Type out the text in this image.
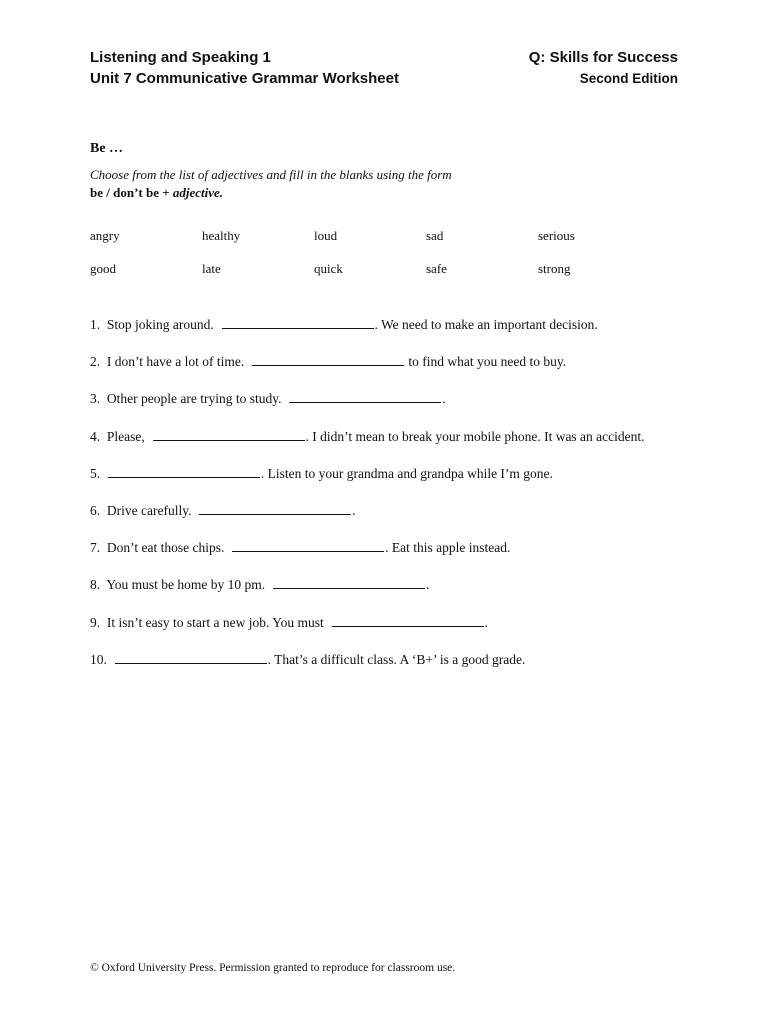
Listening and Speaking 1
Unit 7 Communicative Grammar Worksheet
Q: Skills for Success
Second Edition
Be …
Choose from the list of adjectives and fill in the blanks using the form
be / don’t be + adjective.
angry	healthy	loud	sad	serious
good	late	quick	safe	strong
1. Stop joking around.	. We need to make an important decision.
2. I don’t have a lot of time.	to find what you need to buy.
3. Other people are trying to study.	.
4. Please,	. I didn’t mean to break your mobile phone. It was an accident.
5.	. Listen to your grandma and grandpa while I’m gone.
6. Drive carefully.	.
7. Don’t eat those chips.	. Eat this apple instead.
8. You must be home by 10 pm.	.
9. It isn’t easy to start a new job. You must	.
10.	. That’s a difficult class. A ‘B+’ is a good grade.
© Oxford University Press. Permission granted to reproduce for classroom use.
